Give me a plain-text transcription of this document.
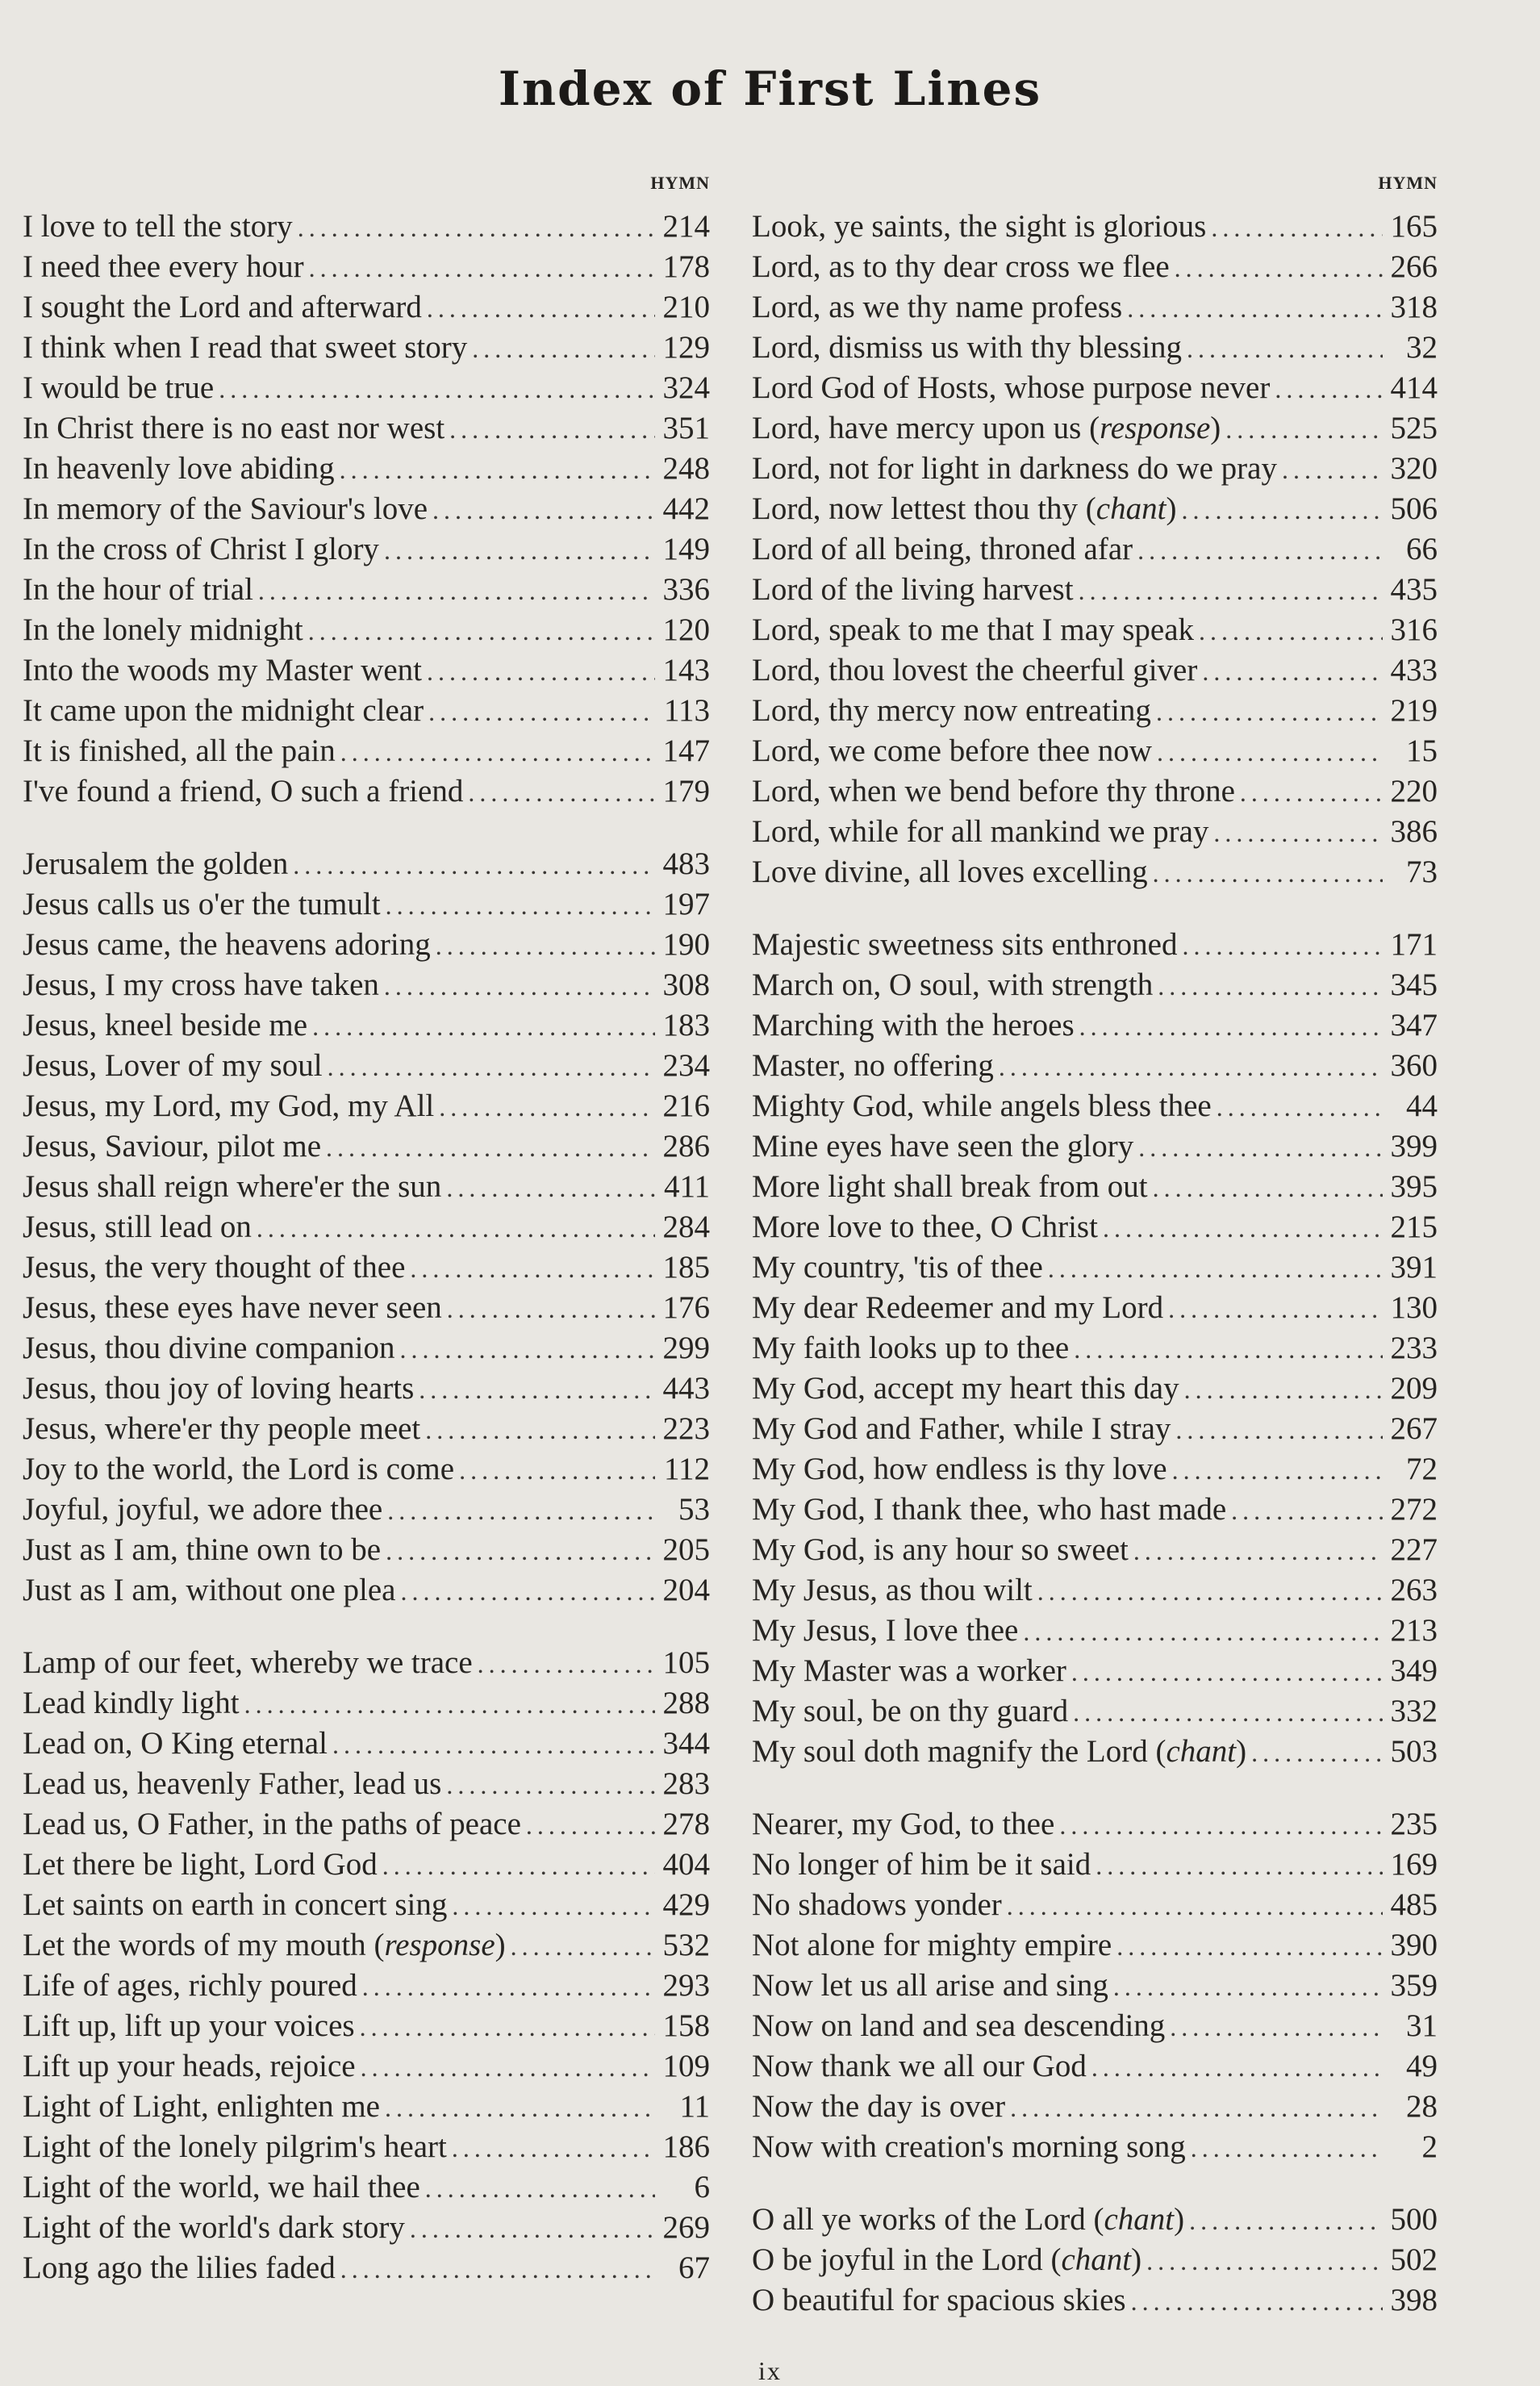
Index of First Lines
HYMN
I love to tell the story .....	214
I need thee every hour .....	178
I sought the Lord and afterward .....	210
I think when I read that sweet story .....	129
I would be true .....	324
In Christ there is no east nor west .....	351
In heavenly love abiding .....	248
In memory of the Saviour's love .....	442
In the cross of Christ I glory .....	149
In the hour of trial .....	336
In the lonely midnight .....	120
Into the woods my Master went .....	143
It came upon the midnight clear .....	113
It is finished, all the pain .....	147
I've found a friend, O such a friend .....	179
Jerusalem the golden .....	483
Jesus calls us o'er the tumult .....	197
Jesus came, the heavens adoring .....	190
Jesus, I my cross have taken .....	308
Jesus, kneel beside me .....	183
Jesus, Lover of my soul .....	234
Jesus, my Lord, my God, my All .....	216
Jesus, Saviour, pilot me .....	286
Jesus shall reign where'er the sun .....	411
Jesus, still lead on .....	284
Jesus, the very thought of thee .....	185
Jesus, these eyes have never seen .....	176
Jesus, thou divine companion .....	299
Jesus, thou joy of loving hearts .....	443
Jesus, where'er thy people meet .....	223
Joy to the world, the Lord is come .....	112
Joyful, joyful, we adore thee .....	53
Just as I am, thine own to be .....	205
Just as I am, without one plea .....	204
Lamp of our feet, whereby we trace .....	105
Lead kindly light .....	288
Lead on, O King eternal .....	344
Lead us, heavenly Father, lead us .....	283
Lead us, O Father, in the paths of peace .....	278
Let there be light, Lord God .....	404
Let saints on earth in concert sing .....	429
Let the words of my mouth (response) .....	532
Life of ages, richly poured .....	293
Lift up, lift up your voices .....	158
Lift up your heads, rejoice .....	109
Light of Light, enlighten me .....	11
Light of the lonely pilgrim's heart .....	186
Light of the world, we hail thee .....	6
Light of the world's dark story .....	269
Long ago the lilies faded .....	67
HYMN
Look, ye saints, the sight is glorious .....	165
Lord, as to thy dear cross we flee .....	266
Lord, as we thy name profess .....	318
Lord, dismiss us with thy blessing .....	32
Lord God of Hosts, whose purpose never .....	414
Lord, have mercy upon us (response) .....	525
Lord, not for light in darkness do we pray .....	320
Lord, now lettest thou thy (chant) .....	506
Lord of all being, throned afar .....	66
Lord of the living harvest .....	435
Lord, speak to me that I may speak .....	316
Lord, thou lovest the cheerful giver .....	433
Lord, thy mercy now entreating .....	219
Lord, we come before thee now .....	15
Lord, when we bend before thy throne .....	220
Lord, while for all mankind we pray .....	386
Love divine, all loves excelling .....	73
Majestic sweetness sits enthroned .....	171
March on, O soul, with strength .....	345
Marching with the heroes .....	347
Master, no offering .....	360
Mighty God, while angels bless thee .....	44
Mine eyes have seen the glory .....	399
More light shall break from out .....	395
More love to thee, O Christ .....	215
My country, 'tis of thee .....	391
My dear Redeemer and my Lord .....	130
My faith looks up to thee .....	233
My God, accept my heart this day .....	209
My God and Father, while I stray .....	267
My God, how endless is thy love .....	72
My God, I thank thee, who hast made .....	272
My God, is any hour so sweet .....	227
My Jesus, as thou wilt .....	263
My Jesus, I love thee .....	213
My Master was a worker .....	349
My soul, be on thy guard .....	332
My soul doth magnify the Lord (chant) .....	503
Nearer, my God, to thee .....	235
No longer of him be it said .....	169
No shadows yonder .....	485
Not alone for mighty empire .....	390
Now let us all arise and sing .....	359
Now on land and sea descending .....	31
Now thank we all our God .....	49
Now the day is over .....	28
Now with creation's morning song .....	2
O all ye works of the Lord (chant) .....	500
O be joyful in the Lord (chant) .....	502
O beautiful for spacious skies .....	398
ix
